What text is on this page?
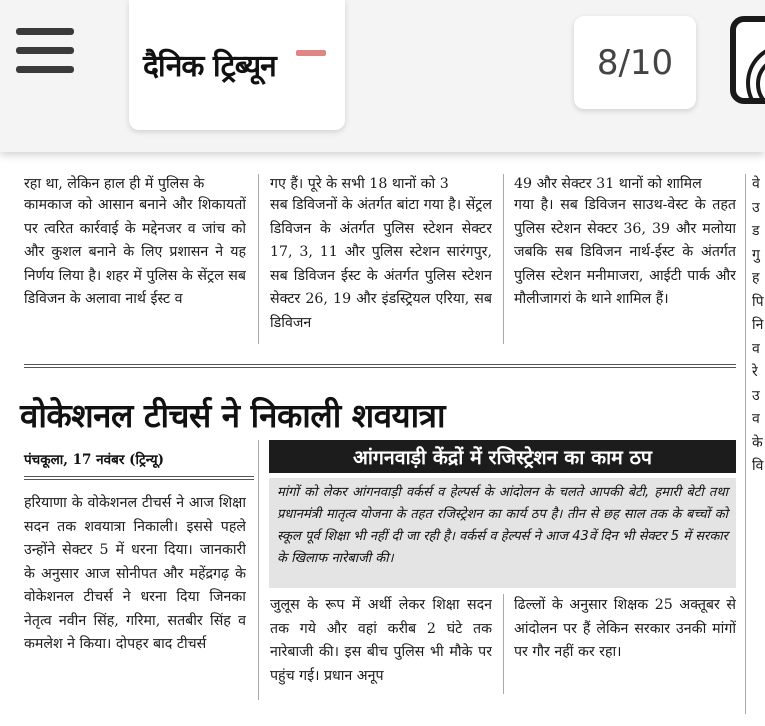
दैनिक ट्रिब्यून	8/10
रहा था, लेकिन हाल ही में पुलिस के

कामकाज को आसान बनाने और शिकायतों पर त्वरित कार्रवाई के मद्देनजर व जांच को और कुशल बनाने के लिए प्रशासन ने यह निर्णय लिया है। शहर में पुलिस के सेंट्रल सब डिविजन के अलावा नार्थ ईस्ट व

गए हैं। पूरे के सभी 18 थानों को 3

सब डिविजनों के अंतर्गत बांटा गया है। सेंट्रल डिविजन के अंतर्गत पुलिस स्टेशन सेक्टर 17, 3, 11 और पुलिस स्टेशन सारंगपुर, सब डिविजन ईस्ट के अंतर्गत पुलिस स्टेशन सेक्टर 26, 19 और इंडस्ट्रियल एरिया, सब डिविजन

49 और सेक्टर 31 थानों को शामिल

गया है। सब डिविजन साउथ-वेस्ट के तहत पुलिस स्टेशन सेक्टर 36, 39 और मलोया जबकि सब डिविजन नार्थ-ईस्ट के अंतर्गत पुलिस स्टेशन मनीमाजरा, आईटी पार्क और मौलीजागरां के थाने शामिल हैं।

वोकेशनल टीचर्स ने निकाली शवयात्रा
पंचकूला, 17 नवंबर (ट्रिन्यू)

हरियाणा के वोकेशनल टीचर्स ने आज शिक्षा सदन तक शवयात्रा निकाली। इससे पहले उन्होंने सेक्टर 5 में धरना दिया। जानकारी के अनुसार आज सोनीपत और महेंद्रगढ़ के वोकेशनल टीचर्स ने धरना दिया जिनका नेतृत्व नवीन सिंह, गरिमा, सतबीर सिंह व कमलेश ने किया। दोपहर बाद टीचर्स

आंगनवाड़ी केंद्रों में रजिस्ट्रेशन का काम ठप
मांगों को लेकर आंगनवाड़ी वर्कर्स व हेल्पर्स के आंदोलन के चलते आपकी बेटी, हमारी बेटी तथा प्रधानमंत्री मातृत्व योजना के तहत रजिस्ट्रेशन का कार्य ठप है। तीन से छह साल तक के बच्चों को स्कूल पूर्व शिक्षा भी नहीं दी जा रही है। वर्कर्स व हेल्पर्स ने आज 43वें दिन भी सेक्टर 5 में सरकार के खिलाफ नारेबाजी की।

जुलूस के रूप में अर्थी लेकर शिक्षा सदन तक गये और वहां करीब 2 घंटे तक नारेबाजी की। इस बीच पुलिस भी मौके पर पहुंच गई। प्रधान अनूप

ढिल्लों के अनुसार शिक्षक 25 अक्तूबर से आंदोलन पर हैं लेकिन सरकार उनकी मांगों पर गौर नहीं कर रहा।

वे
उ
ड
गु
ह
पि
नि
व
रे
उ
व
के
वि
